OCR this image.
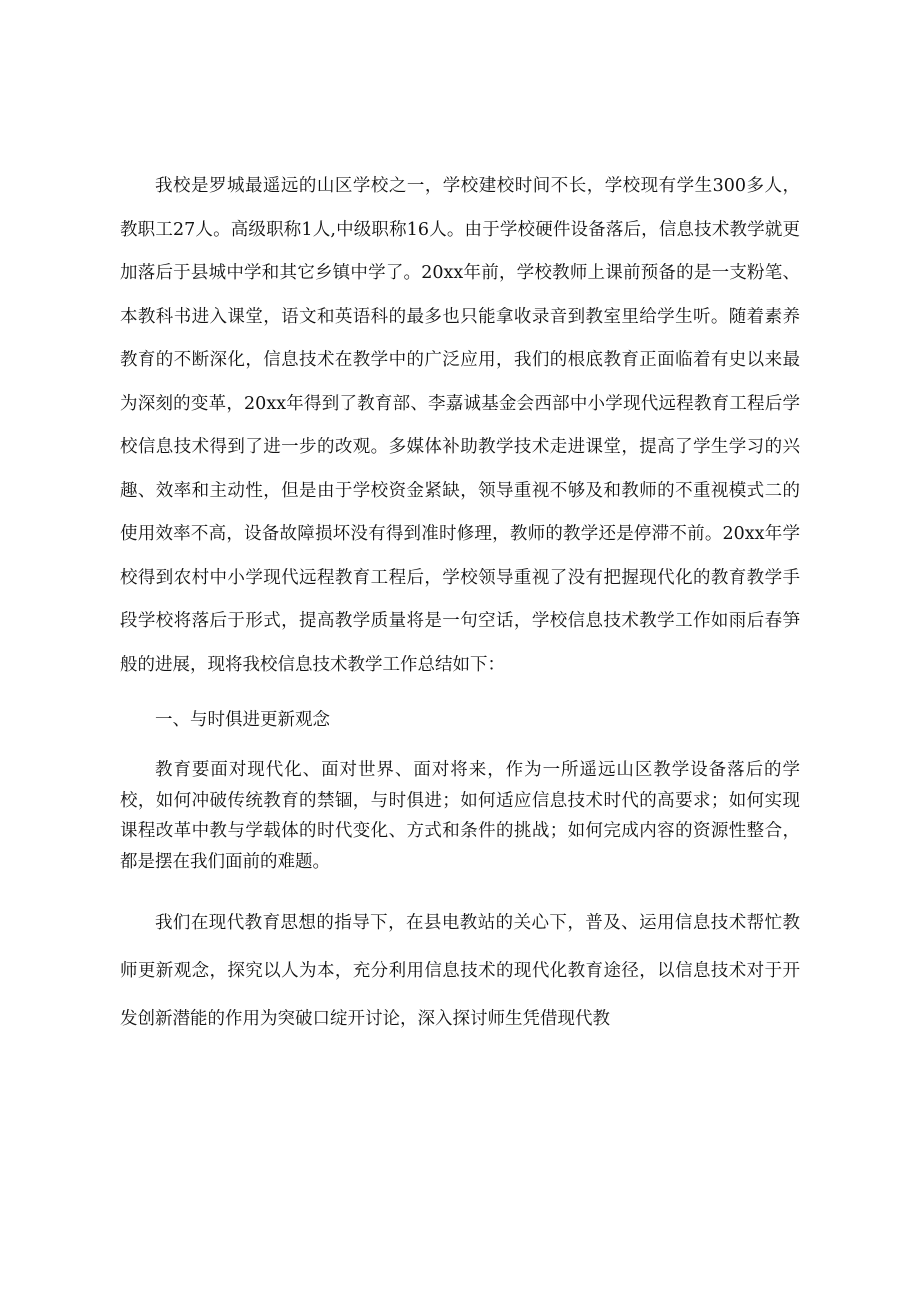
我校是罗城最遥远的山区学校之一，学校建校时间不长，学校现有学生300多人，教职工27人。高级职称1人,中级职称16人。由于学校硬件设备落后，信息技术教学就更加落后于县城中学和其它乡镇中学了。20xx年前，学校教师上课前预备的是一支粉笔、本教科书进入课堂，语文和英语科的最多也只能拿收录音到教室里给学生听。随着素养教育的不断深化，信息技术在教学中的广泛应用，我们的根底教育正面临着有史以来最为深刻的变革，20xx年得到了教育部、李嘉诚基金会西部中小学现代远程教育工程后学校信息技术得到了进一步的改观。多媒体补助教学技术走进课堂，提高了学生学习的兴趣、效率和主动性，但是由于学校资金紧缺，领导重视不够及和教师的不重视模式二的使用效率不高，设备故障损坏没有得到准时修理，教师的教学还是停滞不前。20xx年学校得到农村中小学现代远程教育工程后，学校领导重视了没有把握现代化的教育教学手段学校将落后于形式，提高教学质量将是一句空话，学校信息技术教学工作如雨后春笋般的进展，现将我校信息技术教学工作总结如下：

一、与时俱进更新观念

教育要面对现代化、面对世界、面对将来，作为一所遥远山区教学设备落后的学校，如何冲破传统教育的禁锢，与时俱进；如何适应信息技术时代的高要求；如何实现课程改革中教与学载体的时代变化、方式和条件的挑战；如何完成内容的资源性整合，都是摆在我们面前的难题。

我们在现代教育思想的指导下，在县电教站的关心下，普及、运用信息技术帮忙教师更新观念，探究以人为本，充分利用信息技术的现代化教育途径，以信息技术对于开发创新潜能的作用为突破口绽开讨论，深入探讨师生凭借现代教
